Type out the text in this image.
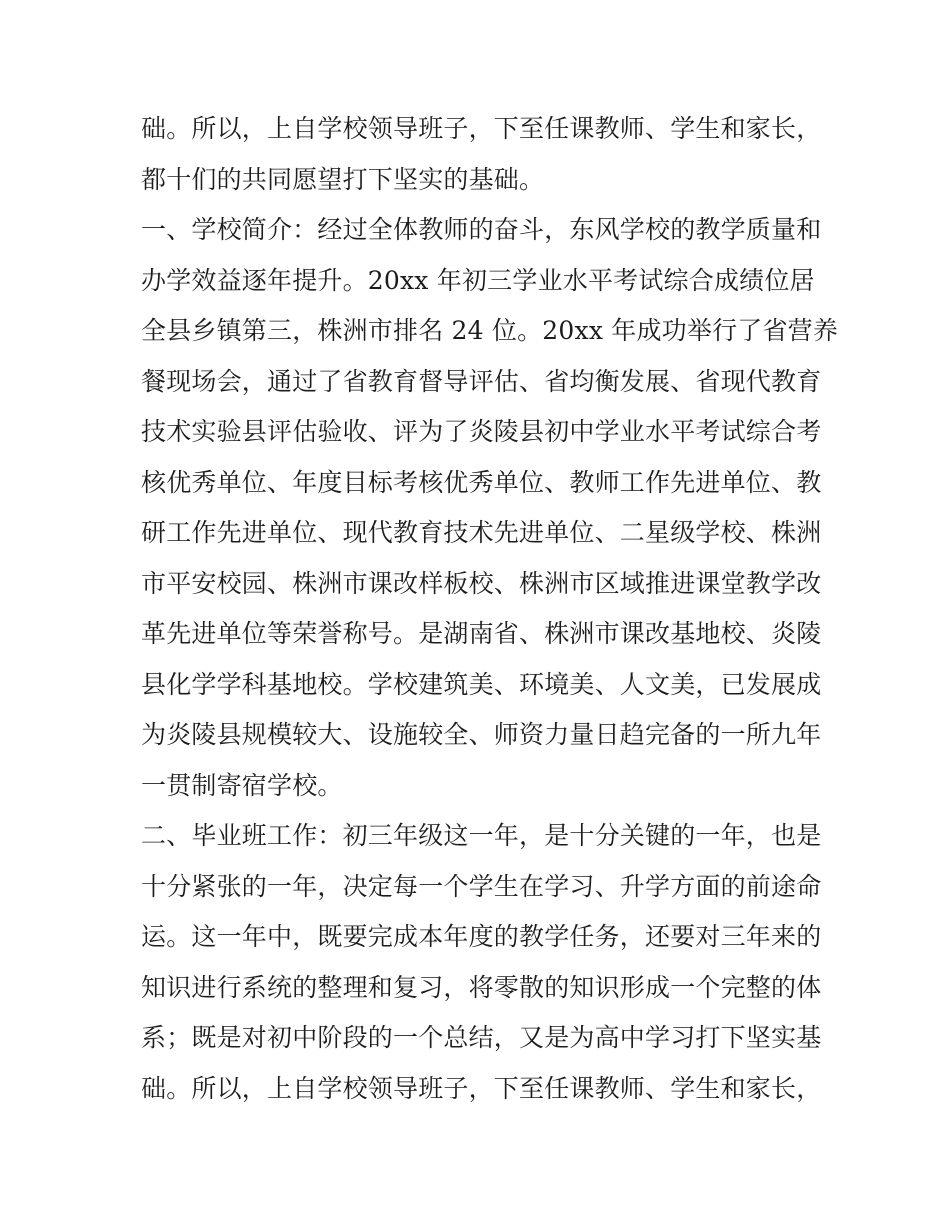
础。所以，上自学校领导班子，下至任课教师、学生和家长，
都十们的共同愿望打下坚实的基础。
一、学校简介：经过全体教师的奋斗，东风学校的教学质量和
办学效益逐年提升。20xx 年初三学业水平考试综合成绩位居
全县乡镇第三，株洲市排名 24 位。20xx 年成功举行了省营养
餐现场会，通过了省教育督导评估、省均衡发展、省现代教育
技术实验县评估验收、评为了炎陵县初中学业水平考试综合考
核优秀单位、年度目标考核优秀单位、教师工作先进单位、教
研工作先进单位、现代教育技术先进单位、二星级学校、株洲
市平安校园、株洲市课改样板校、株洲市区域推进课堂教学改
革先进单位等荣誉称号。是湖南省、株洲市课改基地校、炎陵
县化学学科基地校。学校建筑美、环境美、人文美，已发展成
为炎陵县规模较大、设施较全、师资力量日趋完备的一所九年
一贯制寄宿学校。
二、毕业班工作：初三年级这一年，是十分关键的一年，也是
十分紧张的一年，决定每一个学生在学习、升学方面的前途命
运。这一年中，既要完成本年度的教学任务，还要对三年来的
知识进行系统的整理和复习，将零散的知识形成一个完整的体
系；既是对初中阶段的一个总结，又是为高中学习打下坚实基
础。所以，上自学校领导班子，下至任课教师、学生和家长，
